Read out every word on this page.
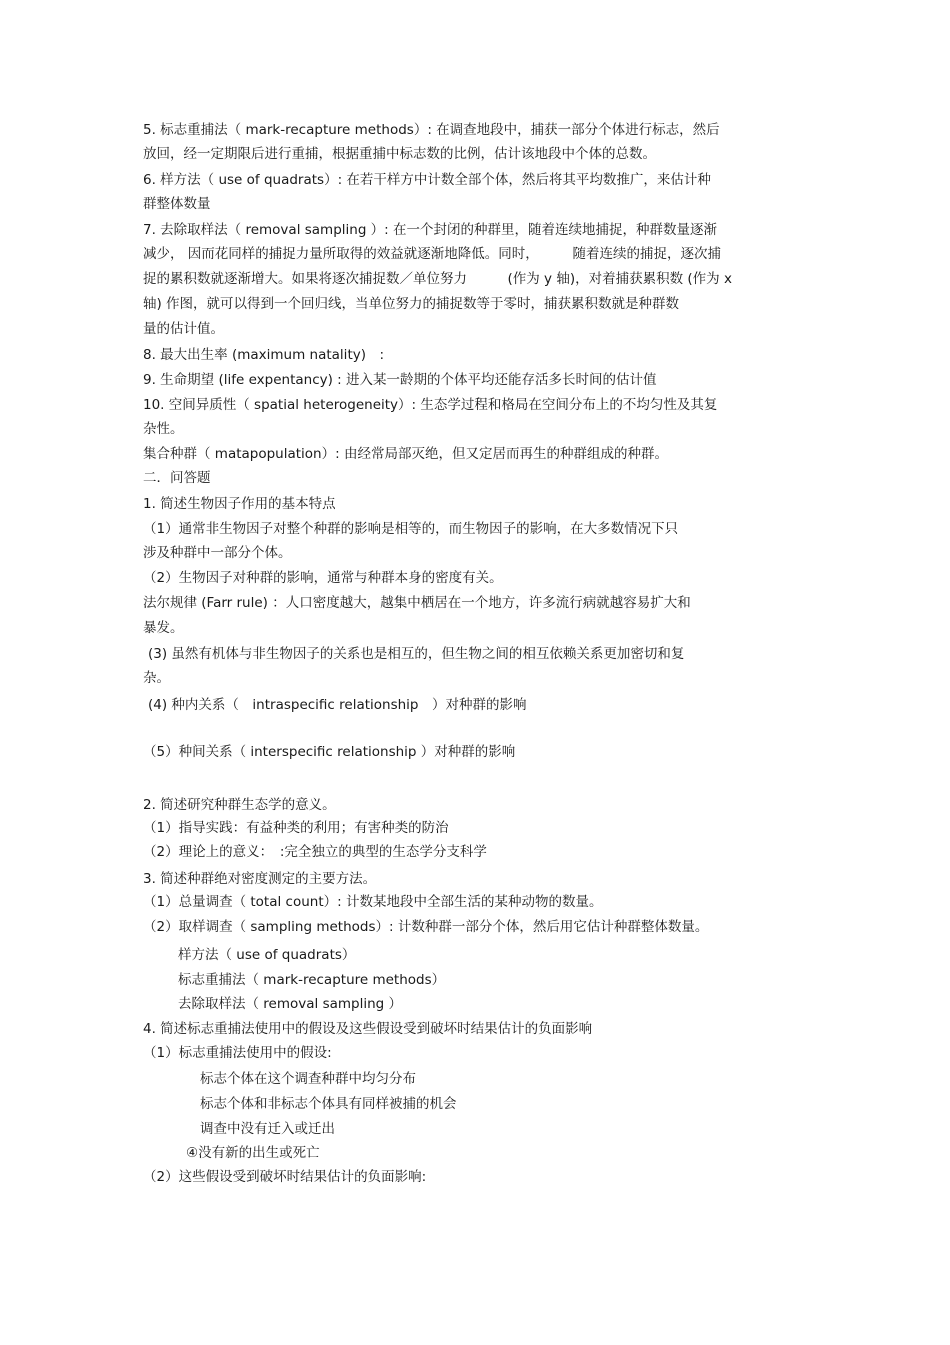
5. 标志重捕法（ mark-recapture methods）: 在调查地段中，捕获一部分个体进行标志，然后
放回，经一定期限后进行重捕，根据重捕中标志数的比例，估计该地段中个体的总数。
6. 样方法（ use of quadrats）: 在若干样方中计数全部个体，然后将其平均数推广，来估计种
群整体数量
7. 去除取样法（ removal sampling ）: 在一个封闭的种群里，随着连续地捕捉，种群数量逐渐
减少， 因而花同样的捕捉力量所取得的效益就逐渐地降低。同时，　　　随着连续的捕捉，逐次捕
捉的累积数就逐渐增大。如果将逐次捕捉数／单位努力　　　(作为 y 轴)，对着捕获累积数 (作为 x
轴) 作图，就可以得到一个回归线，当单位努力的捕捉数等于零时，捕获累积数就是种群数
量的估计值。
8. 最大出生率 (maximum natality)　:
9. 生命期望 (life expentancy) : 进入某一龄期的个体平均还能存活多长时间的估计值
10. 空间异质性（ spatial heterogeneity）: 生态学过程和格局在空间分布上的不均匀性及其复
杂性。
集合种群（ matapopulation）: 由经常局部灭绝，但又定居而再生的种群组成的种群。
二．问答题
1. 简述生物因子作用的基本特点
（1）通常非生物因子对整个种群的影响是相等的，而生物因子的影响，在大多数情况下只
涉及种群中一部分个体。
（2）生物因子对种群的影响，通常与种群本身的密度有关。
法尔规律 (Farr rule) ：人口密度越大，越集中栖居在一个地方，许多流行病就越容易扩大和
暴发。
(3) 虽然有机体与非生物因子的关系也是相互的，但生物之间的相互依赖关系更加密切和复
杂。
(4) 种内关系（　intraspecific relationship　）对种群的影响
（5）种间关系（ interspecific relationship ）对种群的影响
2. 简述研究种群生态学的意义。
（1）指导实践：有益种类的利用；有害种类的防治
（2）理论上的意义：　:完全独立的典型的生态学分支科学
3. 简述种群绝对密度测定的主要方法。
（1）总量调查（ total count）: 计数某地段中全部生活的某种动物的数量。
（2）取样调查（ sampling methods）: 计数种群一部分个体，然后用它估计种群整体数量。
样方法（ use of quadrats）
标志重捕法（ mark-recapture methods）
去除取样法（ removal sampling ）
4. 简述标志重捕法使用中的假设及这些假设受到破坏时结果估计的负面影响
（1）标志重捕法使用中的假设:
标志个体在这个调查种群中均匀分布
标志个体和非标志个体具有同样被捕的机会
调查中没有迁入或迁出
④没有新的出生或死亡
（2）这些假设受到破坏时结果估计的负面影响:
